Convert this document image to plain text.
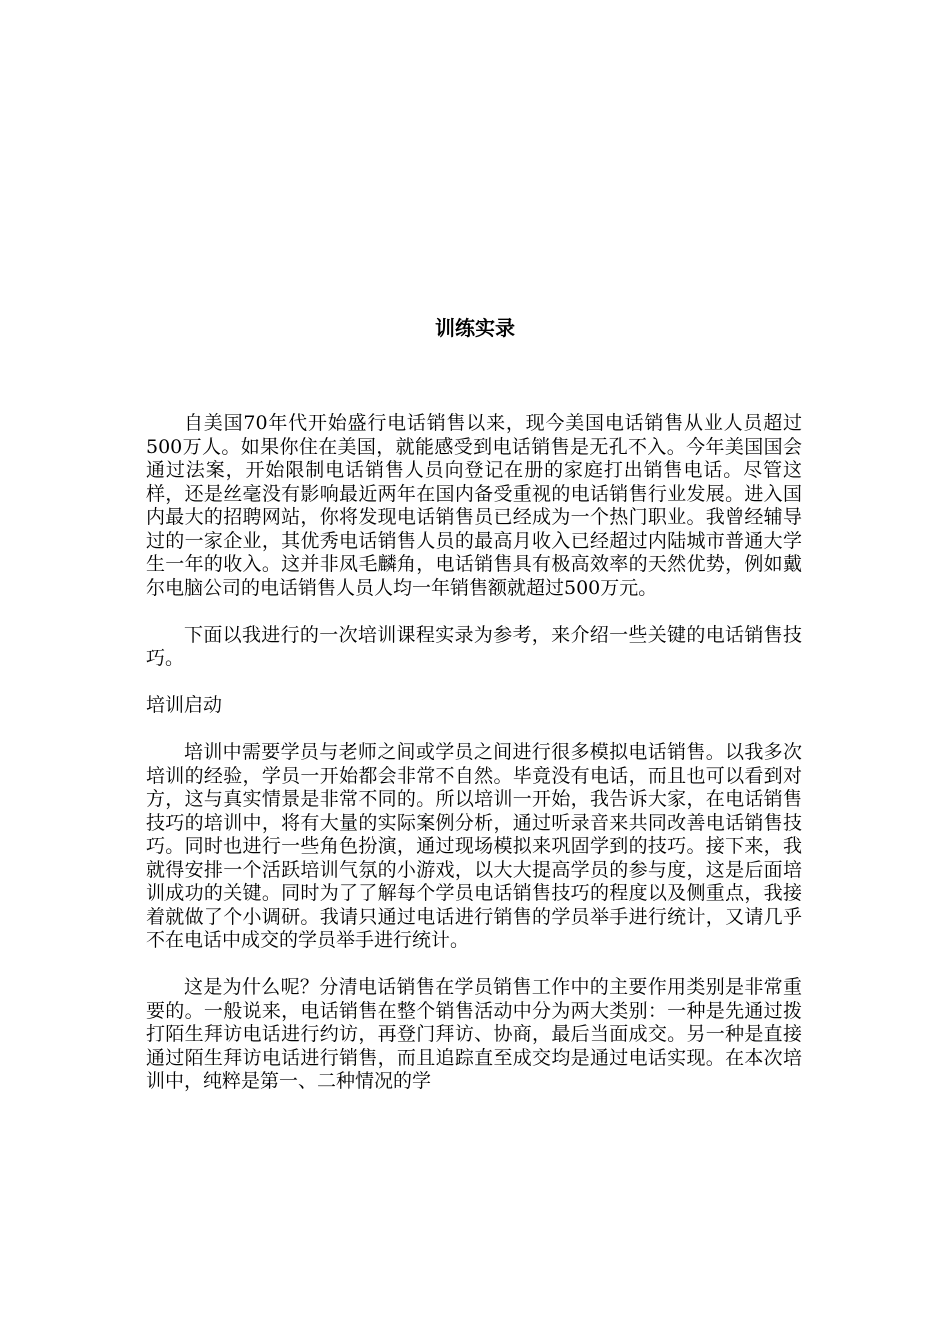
训练实录

自美国70年代开始盛行电话销售以来，现今美国电话销售从业人员超过500万人。如果你住在美国，就能感受到电话销售是无孔不入。今年美国国会通过法案，开始限制电话销售人员向登记在册的家庭打出销售电话。尽管这样，还是丝毫没有影响最近两年在国内备受重视的电话销售行业发展。进入国内最大的招聘网站，你将发现电话销售员已经成为一个热门职业。我曾经辅导过的一家企业，其优秀电话销售人员的最高月收入已经超过内陆城市普通大学生一年的收入。这并非凤毛麟角，电话销售具有极高效率的天然优势，例如戴尔电脑公司的电话销售人员人均一年销售额就超过500万元。

下面以我进行的一次培训课程实录为参考，来介绍一些关键的电话销售技巧。

培训启动

培训中需要学员与老师之间或学员之间进行很多模拟电话销售。以我多次培训的经验，学员一开始都会非常不自然。毕竟没有电话，而且也可以看到对方，这与真实情景是非常不同的。所以培训一开始，我告诉大家，在电话销售技巧的培训中，将有大量的实际案例分析，通过听录音来共同改善电话销售技巧。同时也进行一些角色扮演，通过现场模拟来巩固学到的技巧。接下来，我就得安排一个活跃培训气氛的小游戏，以大大提高学员的参与度，这是后面培训成功的关键。同时为了了解每个学员电话销售技巧的程度以及侧重点，我接着就做了个小调研。我请只通过电话进行销售的学员举手进行统计，又请几乎不在电话中成交的学员举手进行统计。

这是为什么呢？分清电话销售在学员销售工作中的主要作用类别是非常重要的。一般说来，电话销售在整个销售活动中分为两大类别：一种是先通过拨打陌生拜访电话进行约访，再登门拜访、协商，最后当面成交。另一种是直接通过陌生拜访电话进行销售，而且追踪直至成交均是通过电话实现。在本次培训中，纯粹是第一、二种情况的学
